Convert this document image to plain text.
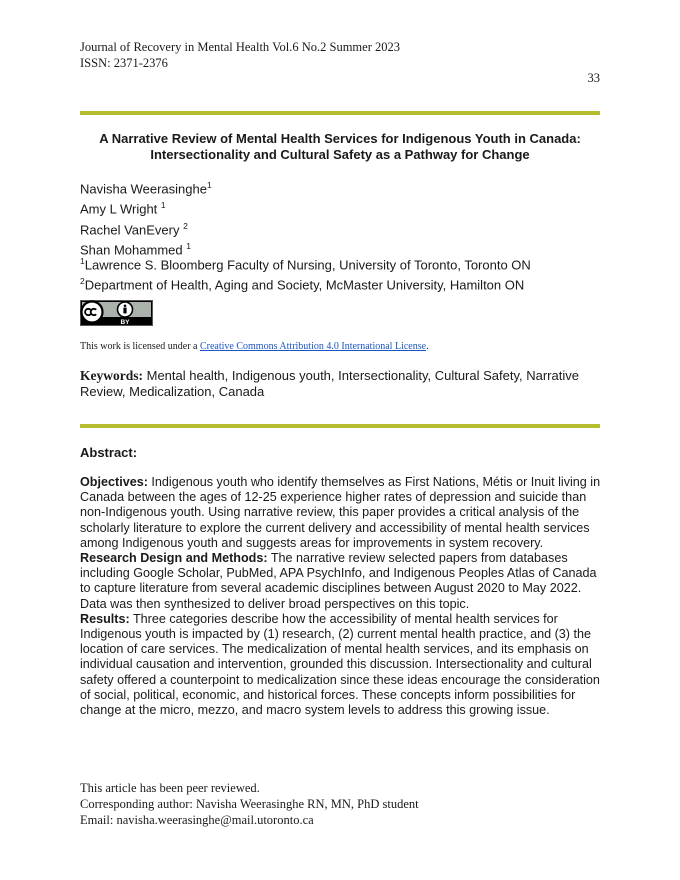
Journal of Recovery in Mental Health Vol.6 No.2 Summer 2023
ISSN: 2371-2376
33
A Narrative Review of Mental Health Services for Indigenous Youth in Canada:
Intersectionality and Cultural Safety as a Pathway for Change
Navisha Weerasinghe$^1$
Amy L Wright $^1$
Rachel VanEvery $^2$
Shan Mohammed $^1$
$^1$Lawrence S. Bloomberg Faculty of Nursing, University of Toronto, Toronto ON
$^2$Department of Health, Aging and Society, McMaster University, Hamilton ON
BY
This work is licensed under a Creative Commons Attribution 4.0 International License.
Keywords: Mental health, Indigenous youth, Intersectionality, Cultural Safety, Narrative
Review, Medicalization, Canada
Abstract:

Objectives: Indigenous youth who identify themselves as First Nations, Métis or Inuit living in Canada between the ages of 12-25 experience higher rates of depression and suicide than non-Indigenous youth. Using narrative review, this paper provides a critical analysis of the scholarly literature to explore the current delivery and accessibility of mental health services among Indigenous youth and suggests areas for improvements in system recovery.

Research Design and Methods: The narrative review selected papers from databases including Google Scholar, PubMed, APA PsychInfo, and Indigenous Peoples Atlas of Canada to capture literature from several academic disciplines between August 2020 to May 2022. Data was then synthesized to deliver broad perspectives on this topic.

Results: Three categories describe how the accessibility of mental health services for Indigenous youth is impacted by (1) research, (2) current mental health practice, and (3) the location of care services. The medicalization of mental health services, and its emphasis on individual causation and intervention, grounded this discussion. Intersectionality and cultural safety offered a counterpoint to medicalization since these ideas encourage the consideration of social, political, economic, and historical forces. These concepts inform possibilities for change at the micro, mezzo, and macro system levels to address this growing issue.

This article has been peer reviewed.
Corresponding author: Navisha Weerasinghe RN, MN, PhD student
Email: navisha.weerasinghe@mail.utoronto.ca
